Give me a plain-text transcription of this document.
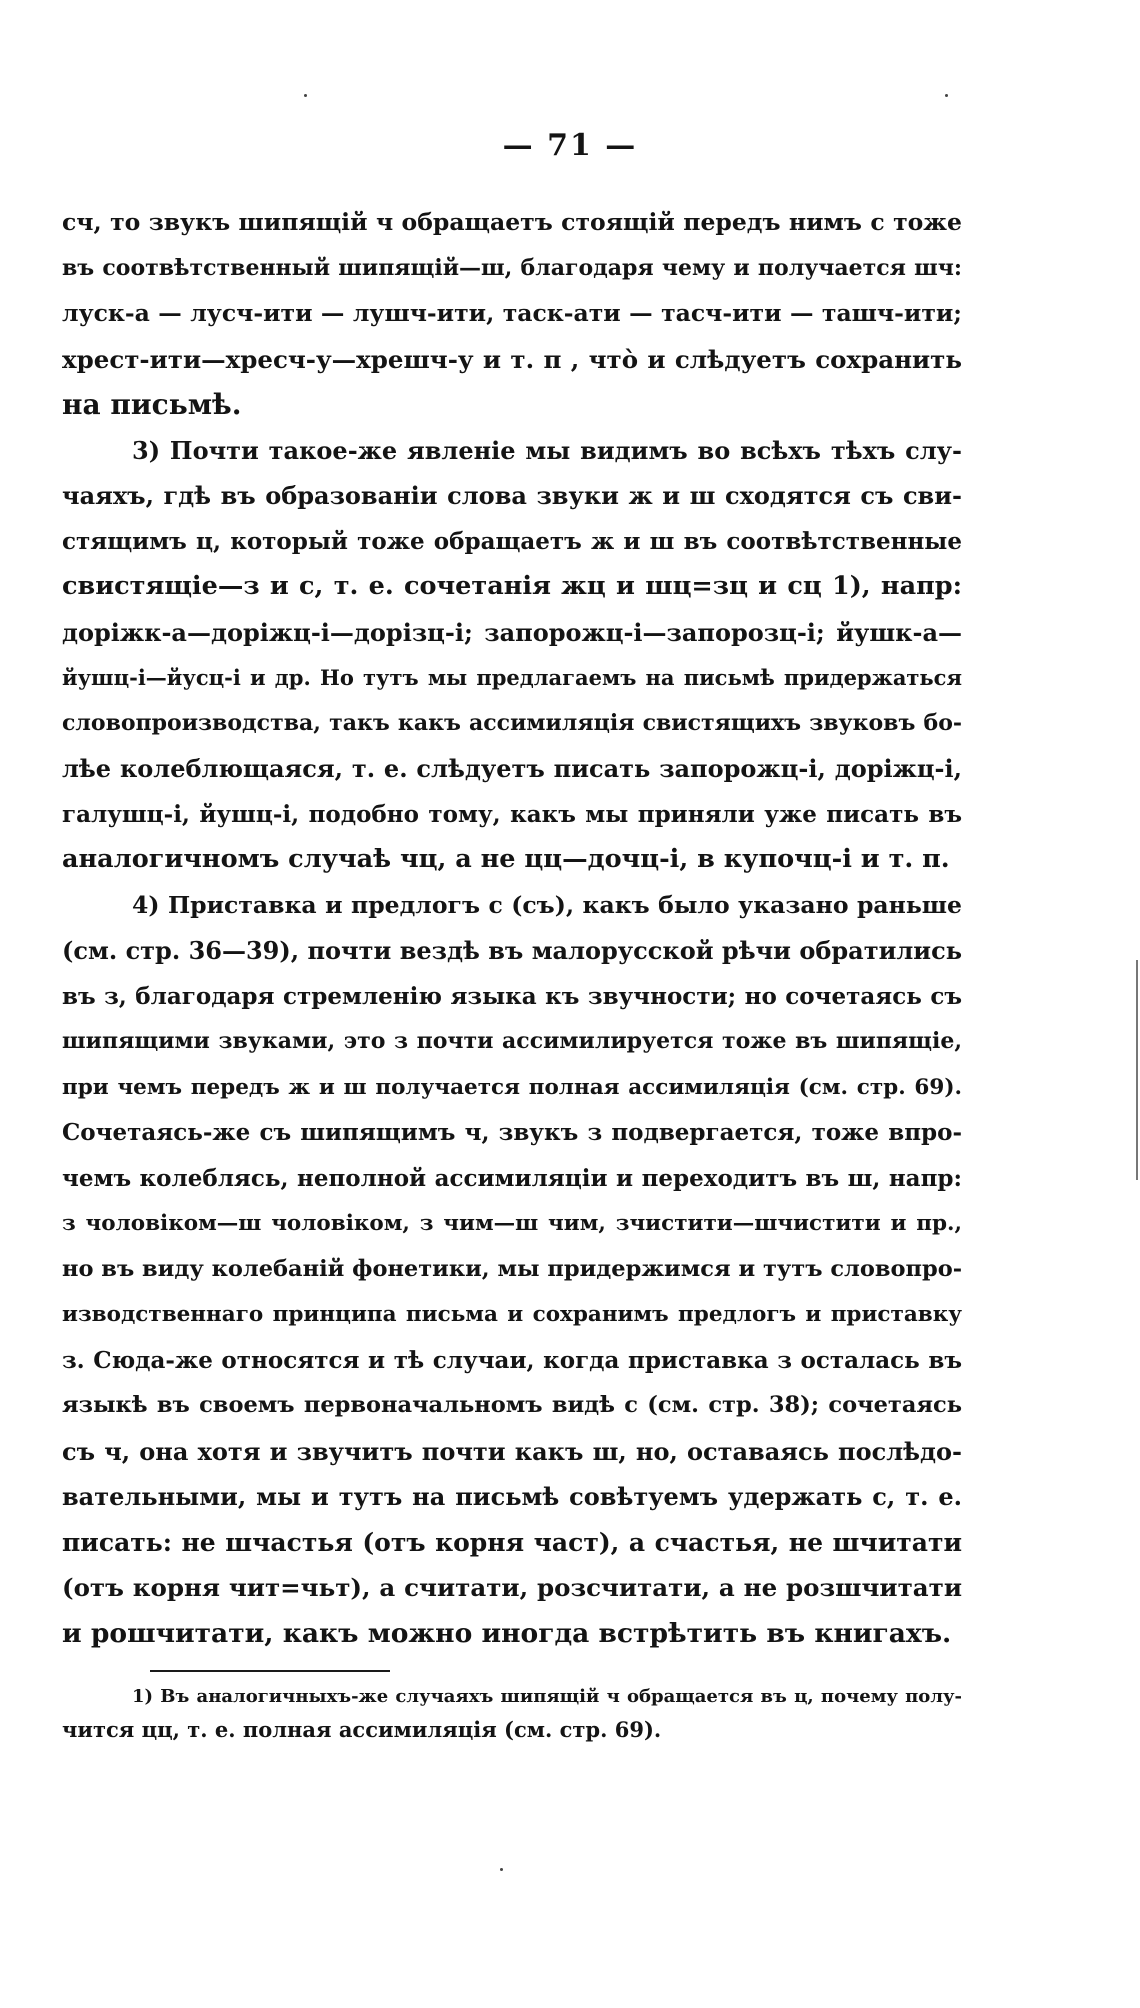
— 71 —
сч, то звукъ шипящій ч обращаетъ стоящій передъ нимъ с тоже
въ соотвѣтственный шипящій—ш, благодаря чему и получается шч:
луск-а — лусч-ити — лушч-ити, таск-ати — тасч-ити — ташч-ити;
хрест-ити—хресч-у—хрешч-у и т. п , чтò и слѣдуетъ сохранить
на письмѣ.
3) Почти такое-же явленіе мы видимъ во всѣхъ тѣхъ слу-
чаяхъ, гдѣ въ образованіи слова звуки ж и ш сходятся съ сви-
стящимъ ц, который тоже обращаетъ ж и ш въ соотвѣтственные
свистящіе—з и с, т. е. сочетанія жц и шц=зц и сц 1), напр:
доріжк-а—доріжц-і—дорізц-і; запорожц-і—запорозц-і; йушк-а—
йушц-і—йусц-і и др. Но тутъ мы предлагаемъ на письмѣ придержаться
словопроизводства, такъ какъ ассимиляція свистящихъ звуковъ бо-
лѣе колеблющаяся, т. е. слѣдуетъ писать запорожц-і, доріжц-і,
галушц-і, йушц-і, подобно тому, какъ мы приняли уже писать въ
аналогичномъ случаѣ чц, а не цц—дочц-і, в купочц-і и т. п.
4) Приставка и предлогъ с (съ), какъ было указано раньше
(см. стр. 36—39), почти вездѣ въ малорусской рѣчи обратились
въ з, благодаря стремленію языка къ звучности; но сочетаясь съ
шипящими звуками, это з почти ассимилируется тоже въ шипящіе,
при чемъ передъ ж и ш получается полная ассимиляція (см. стр. 69).
Сочетаясь-же съ шипящимъ ч, звукъ з подвергается, тоже впро-
чемъ колеблясь, неполной ассимиляціи и переходитъ въ ш, напр:
з чоловіком—ш чоловіком, з чим—ш чим, зчистити—шчистити и пр.,
но въ виду колебаній фонетики, мы придержимся и тутъ словопро-
изводственнаго принципа письма и сохранимъ предлогъ и приставку
з. Сюда-же относятся и тѣ случаи, когда приставка з осталась въ
языкѣ въ своемъ первоначальномъ видѣ с (см. стр. 38); сочетаясь
съ ч, она хотя и звучитъ почти какъ ш, но, оставаясь послѣдо-
вательными, мы и тутъ на письмѣ совѣтуемъ удержать с, т. е.
писать: не шчастья (отъ корня част), а счастья, не шчитати
(отъ корня чит=чьт), а считати, розсчитати, а не розшчитати
и рошчитати, какъ можно иногда встрѣтить въ книгахъ.
1) Въ аналогичныхъ-же случаяхъ шипящій ч обращается въ ц, почему полу-
чится цц, т. е. полная ассимиляція (см. стр. 69).
